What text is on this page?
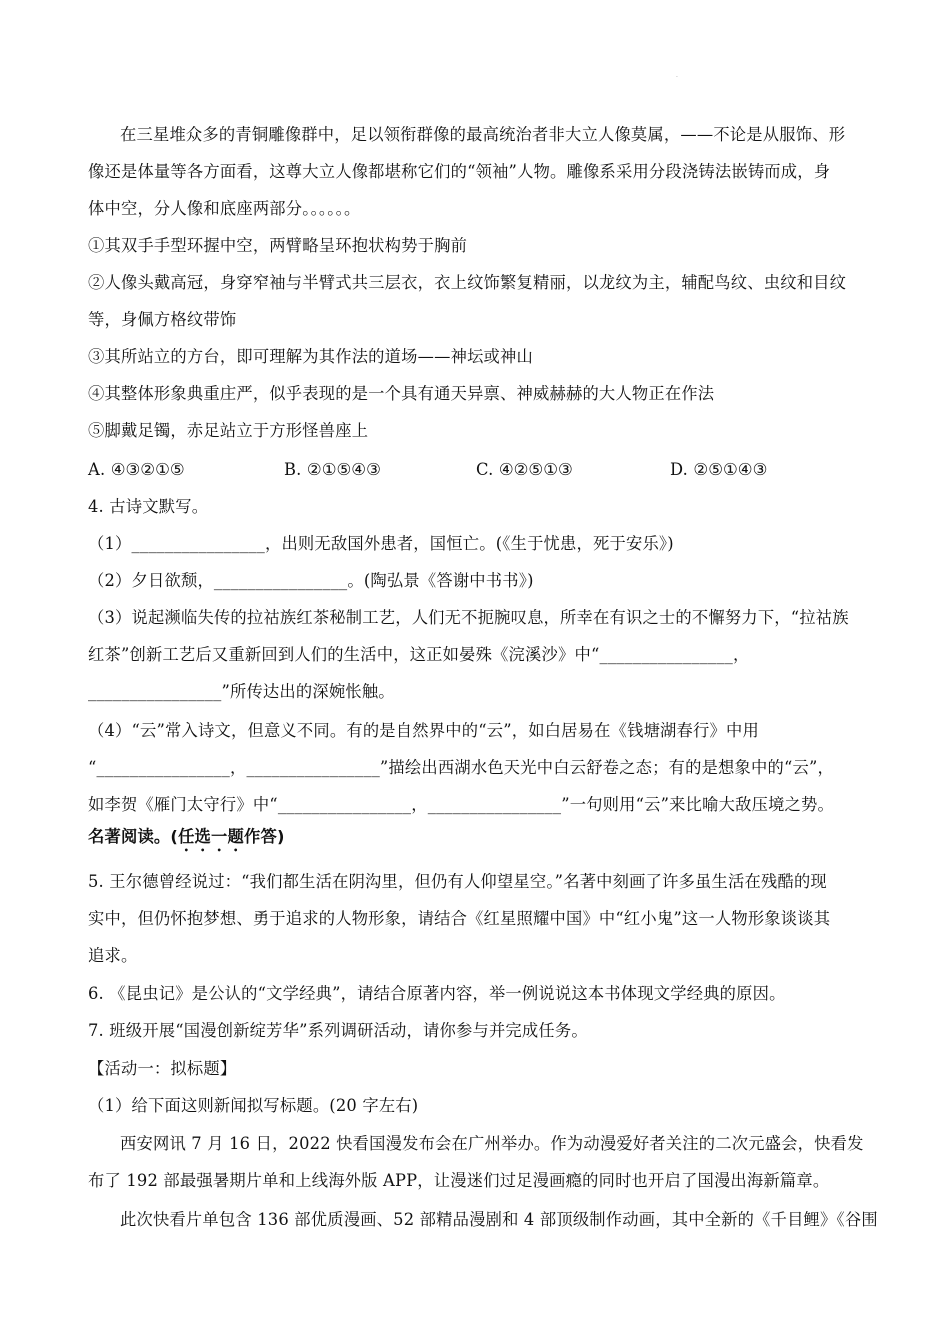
.
在三星堆众多的青铜雕像群中，足以领衔群像的最高统治者非大立人像莫属，——不论是从服饰、形
像还是体量等各方面看，这尊大立人像都堪称它们的“领袖”人物。雕像系采用分段浇铸法嵌铸而成，身
体中空，分人像和底座两部分。。。。。。
①其双手手型环握中空，两臂略呈环抱状构势于胸前
②人像头戴高冠，身穿窄袖与半臂式共三层衣，衣上纹饰繁复精丽，以龙纹为主，辅配鸟纹、虫纹和目纹
等，身佩方格纹带饰
③其所站立的方台，即可理解为其作法的道场——神坛或神山
④其整体形象典重庄严，似乎表现的是一个具有通天异禀、神威赫赫的大人物正在作法
⑤脚戴足镯，赤足站立于方形怪兽座上
A. ④③②①⑤	B. ②①⑤④③	C. ④②⑤①③	D. ②⑤①④③
4. 古诗文默写。
（1）________________，出则无敌国外患者，国恒亡。(《生于忧患，死于安乐》)
（2）夕日欲颓，________________。(陶弘景《答谢中书书》)
（3）说起濒临失传的拉祜族红茶秘制工艺，人们无不扼腕叹息，所幸在有识之士的不懈努力下，“拉祜族
红茶”创新工艺后又重新回到人们的生活中，这正如晏殊《浣溪沙》中“________________，
________________”所传达出的深婉怅触。
（4）“云”常入诗文，但意义不同。有的是自然界中的“云”，如白居易在《钱塘湖春行》中用
“________________，________________”描绘出西湖水色天光中白云舒卷之态；有的是想象中的“云”，
如李贺《雁门太守行》中“________________，________________”一句则用“云”来比喻大敌压境之势。
名著阅读。(任选一题作答)
5. 王尔德曾经说过：“我们都生活在阴沟里，但仍有人仰望星空。”名著中刻画了许多虽生活在残酷的现
实中，但仍怀抱梦想、勇于追求的人物形象，请结合《红星照耀中国》中“红小鬼”这一人物形象谈谈其
追求。
6. 《昆虫记》是公认的“文学经典”，请结合原著内容，举一例说说这本书体现文学经典的原因。
7. 班级开展“国漫创新绽芳华”系列调研活动，请你参与并完成任务。
【活动一：拟标题】
（1）给下面这则新闻拟写标题。(20 字左右)
西安网讯 7 月 16 日，2022 快看国漫发布会在广州举办。作为动漫爱好者关注的二次元盛会，快看发
布了 192 部最强暑期片单和上线海外版 APP，让漫迷们过足漫画瘾的同时也开启了国漫出海新篇章。
此次快看片单包含 136 部优质漫画、52 部精品漫剧和 4 部顶级制作动画，其中全新的《千目鲤》《谷围
